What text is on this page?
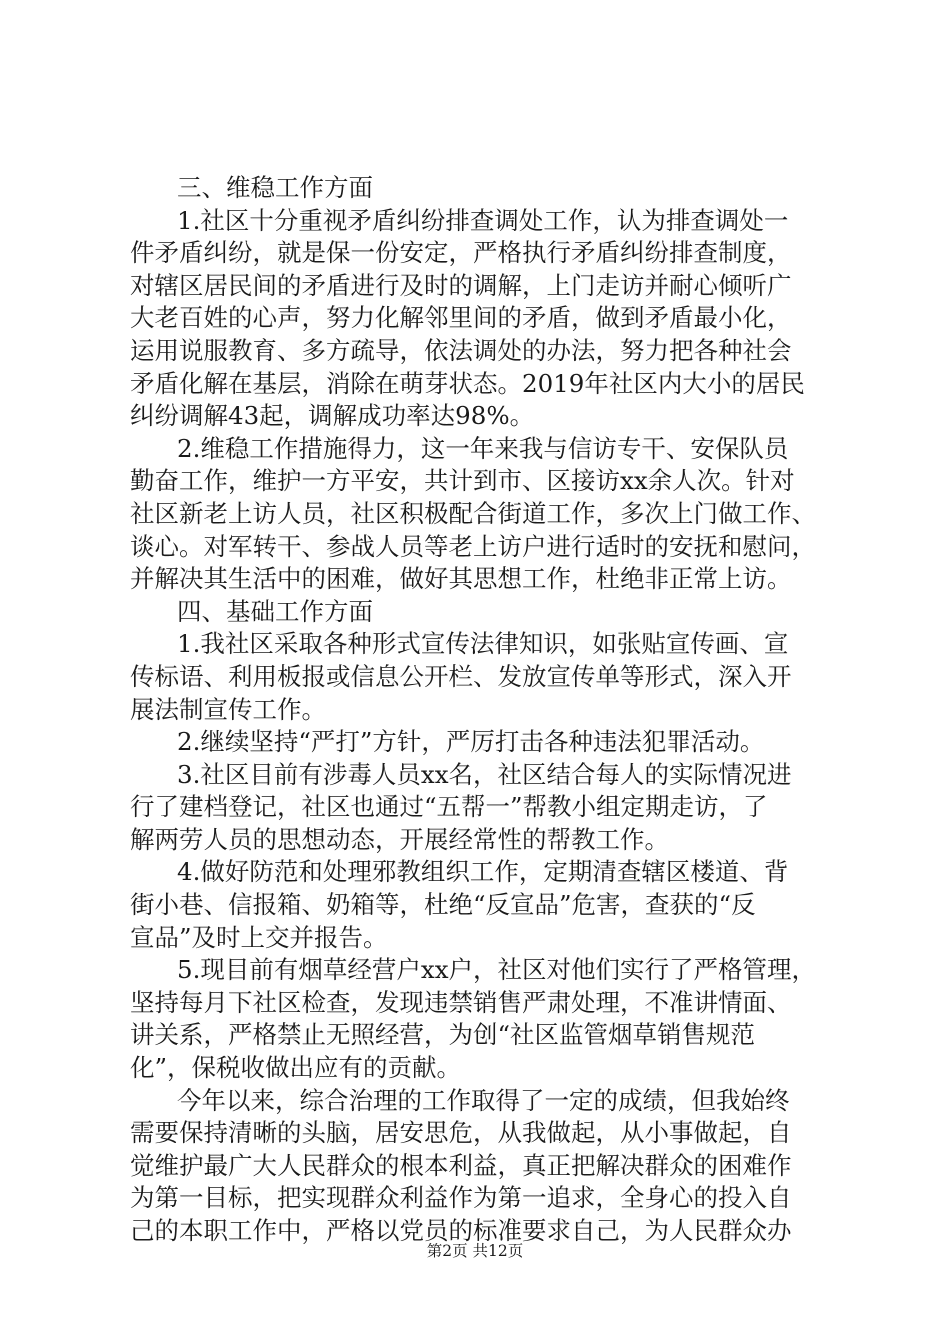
三、维稳工作方面
1.社区十分重视矛盾纠纷排查调处工作，认为排查调处一
件矛盾纠纷，就是保一份安定，严格执行矛盾纠纷排查制度，
对辖区居民间的矛盾进行及时的调解，上门走访并耐心倾听广
大老百姓的心声，努力化解邻里间的矛盾，做到矛盾最小化，
运用说服教育、多方疏导，依法调处的办法，努力把各种社会
矛盾化解在基层，消除在萌芽状态。2019年社区内大小的居民
纠纷调解43起，调解成功率达98%。
2.维稳工作措施得力，这一年来我与信访专干、安保队员
勤奋工作，维护一方平安，共计到市、区接访xx余人次。针对
社区新老上访人员，社区积极配合街道工作，多次上门做工作、
谈心。对军转干、参战人员等老上访户进行适时的安抚和慰问，
并解决其生活中的困难，做好其思想工作，杜绝非正常上访。
四、基础工作方面
1.我社区采取各种形式宣传法律知识，如张贴宣传画、宣
传标语、利用板报或信息公开栏、发放宣传单等形式，深入开
展法制宣传工作。
2.继续坚持“严打”方针，严厉打击各种违法犯罪活动。
3.社区目前有涉毒人员xx名，社区结合每人的实际情况进
行了建档登记，社区也通过“五帮一”帮教小组定期走访，了
解两劳人员的思想动态，开展经常性的帮教工作。
4.做好防范和处理邪教组织工作，定期清查辖区楼道、背
街小巷、信报箱、奶箱等，杜绝“反宣品”危害，查获的“反
宣品”及时上交并报告。
5.现目前有烟草经营户xx户，社区对他们实行了严格管理，
坚持每月下社区检查，发现违禁销售严肃处理，不准讲情面、
讲关系，严格禁止无照经营，为创“社区监管烟草销售规范
化”，保税收做出应有的贡献。
今年以来，综合治理的工作取得了一定的成绩，但我始终
需要保持清晰的头脑，居安思危，从我做起，从小事做起，自
觉维护最广大人民群众的根本利益，真正把解决群众的困难作
为第一目标，把实现群众利益作为第一追求，全身心的投入自
己的本职工作中，严格以党员的标准要求自己，为人民群众办
第2页 共12页
